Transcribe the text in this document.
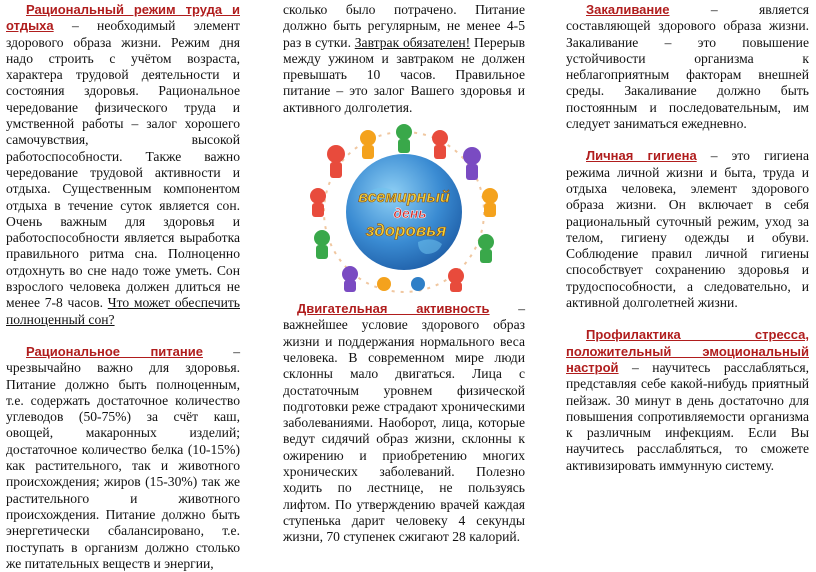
Рациональный режим труда и отдыха – необходимый элемент здорового образа жизни. Режим дня надо строить с учётом возраста, характера трудовой деятельности и состояния здоровья. Рациональное чередование физического труда и умственной работы – залог хорошего самочувствия, высокой работоспособности. Также важно чередование трудовой активности и отдыха. Существенным компонентом отдыха в течение суток является сон. Очень важным для здоровья и работоспособности является выработка правильного ритма сна. Полноценно отдохнуть во сне надо тоже уметь. Сон взрослого человека должен длиться не менее 7-8 часов. Что может обеспечить полноценный сон?

Рациональное питание – чрезвычайно важно для здоровья. Питание должно быть полноценным, т.е. содержать достаточное количество углеводов (50-75%) за счёт каш, овощей, макаронных изделий; достаточное количество белка (10-15%) как растительного, так и животного происхождения; жиров (15-30%) так же растительного и животного происхождения. Питание должно быть энергетически сбалансировано, т.е. поступать в организм должно столько же питательных веществ и энергии,

сколько было потрачено. Питание должно быть регулярным, не менее 4-5 раз в сутки. Завтрак обязателен! Перерыв между ужином и завтраком не должен превышать 10 часов. Правильное питание – это залог Вашего здоровья и активного долголетия.

всемирный
день
здоровья

Двигательная активность – важнейшее условие здорового образ жизни и поддержания нормального веса человека. В современном мире люди склонны мало двигаться. Лица с достаточным уровнем физической подготовки реже страдают хроническими заболеваниями. Наоборот, лица, которые ведут сидячий образ жизни, склонны к ожирению и приобретению многих хронических заболеваний. Полезно ходить по лестнице, не пользуясь лифтом. По утверждению врачей каждая ступенька дарит человеку 4 секунды жизни, 70 ступенек сжигают 28 калорий.

Закаливание	– является составляющей здорового образа жизни. Закаливание – это повышение устойчивости организма к неблагоприятным факторам внешней среды. Закаливание должно быть постоянным и последовательным, им следует заниматься ежедневно.

Личная гигиена – это гигиена режима личной жизни и быта, труда и отдыха человека, элемент здорового образа жизни. Он включает в себя рациональный суточный режим, уход за телом, гигиену одежды и обуви. Соблюдение правил личной гигиены способствует сохранению здоровья и трудоспособности, а следовательно, и активной долголетней жизни.

Профилактика стресса, положительный эмоциональный настрой – научитесь расслабляться, представляя себе какой-нибудь приятный пейзаж. 30 минут в день достаточно для повышения сопротивляемости организма к различным инфекциям. Если Вы научитесь расслабляться, то сможете активизировать иммунную систему.
